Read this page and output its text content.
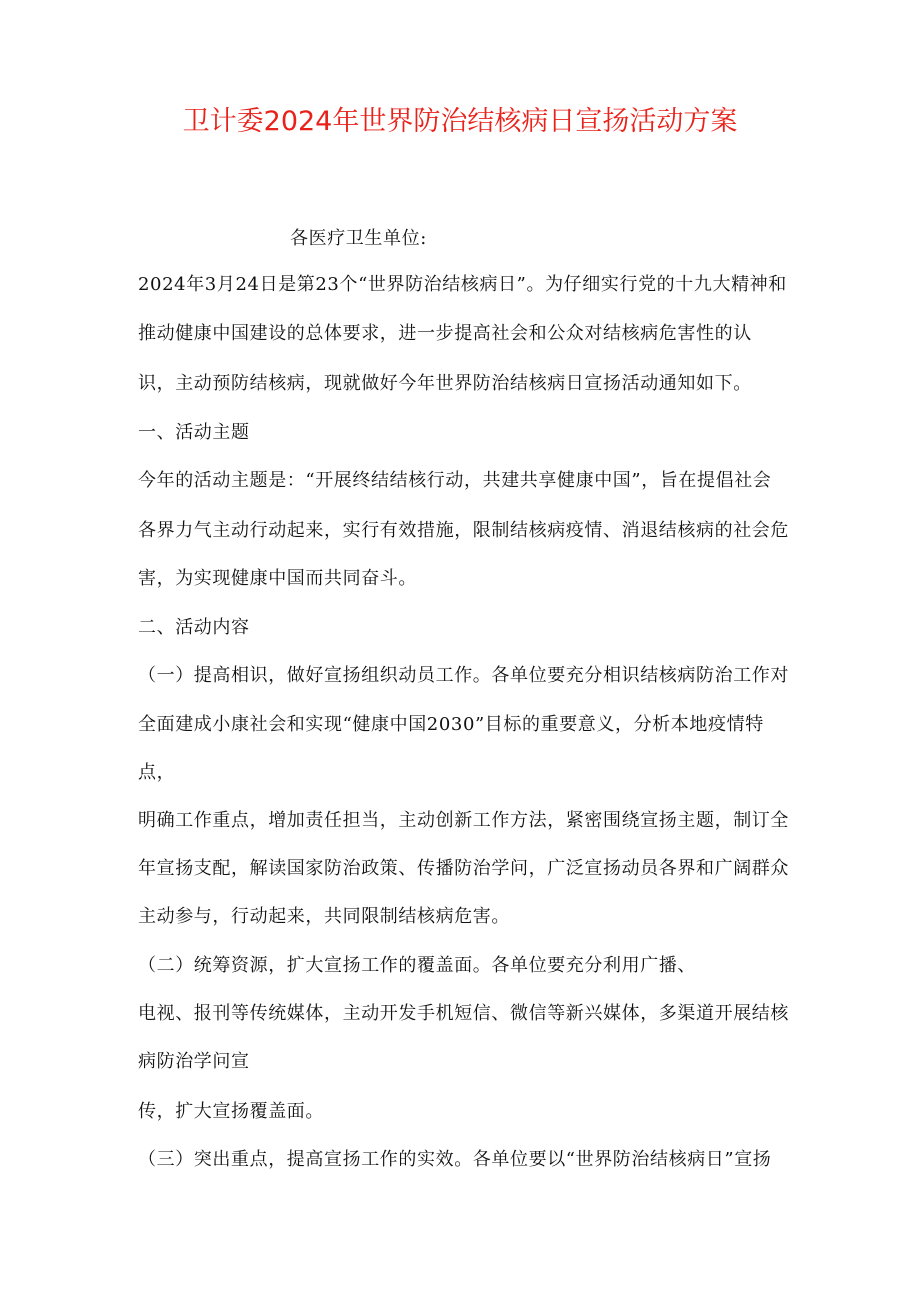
卫计委2024年世界防治结核病日宣扬活动方案
各医疗卫生单位:
2024年3月24日是第23个“世界防治结核病日”。为仔细实行党的十九大精神和
推动健康中国建设的总体要求，进一步提高社会和公众对结核病危害性的认
识，主动预防结核病，现就做好今年世界防治结核病日宣扬活动通知如下。
一、活动主题
今年的活动主题是：“开展终结结核行动，共建共享健康中国”，旨在提倡社会
各界力气主动行动起来，实行有效措施，限制结核病疫情、消退结核病的社会危
害，为实现健康中国而共同奋斗。
二、活动内容
（一）提高相识，做好宣扬组织动员工作。各单位要充分相识结核病防治工作对
全面建成小康社会和实现“健康中国2030”目标的重要意义，分析本地疫情特
点，
明确工作重点，增加责任担当，主动创新工作方法，紧密围绕宣扬主题，制订全
年宣扬支配，解读国家防治政策、传播防治学问，广泛宣扬动员各界和广阔群众
主动参与，行动起来，共同限制结核病危害。
（二）统筹资源，扩大宣扬工作的覆盖面。各单位要充分利用广播、
电视、报刊等传统媒体，主动开发手机短信、微信等新兴媒体，多渠道开展结核
病防治学问宣
传，扩大宣扬覆盖面。
（三）突出重点，提高宣扬工作的实效。各单位要以“世界防治结核病日”宣扬
